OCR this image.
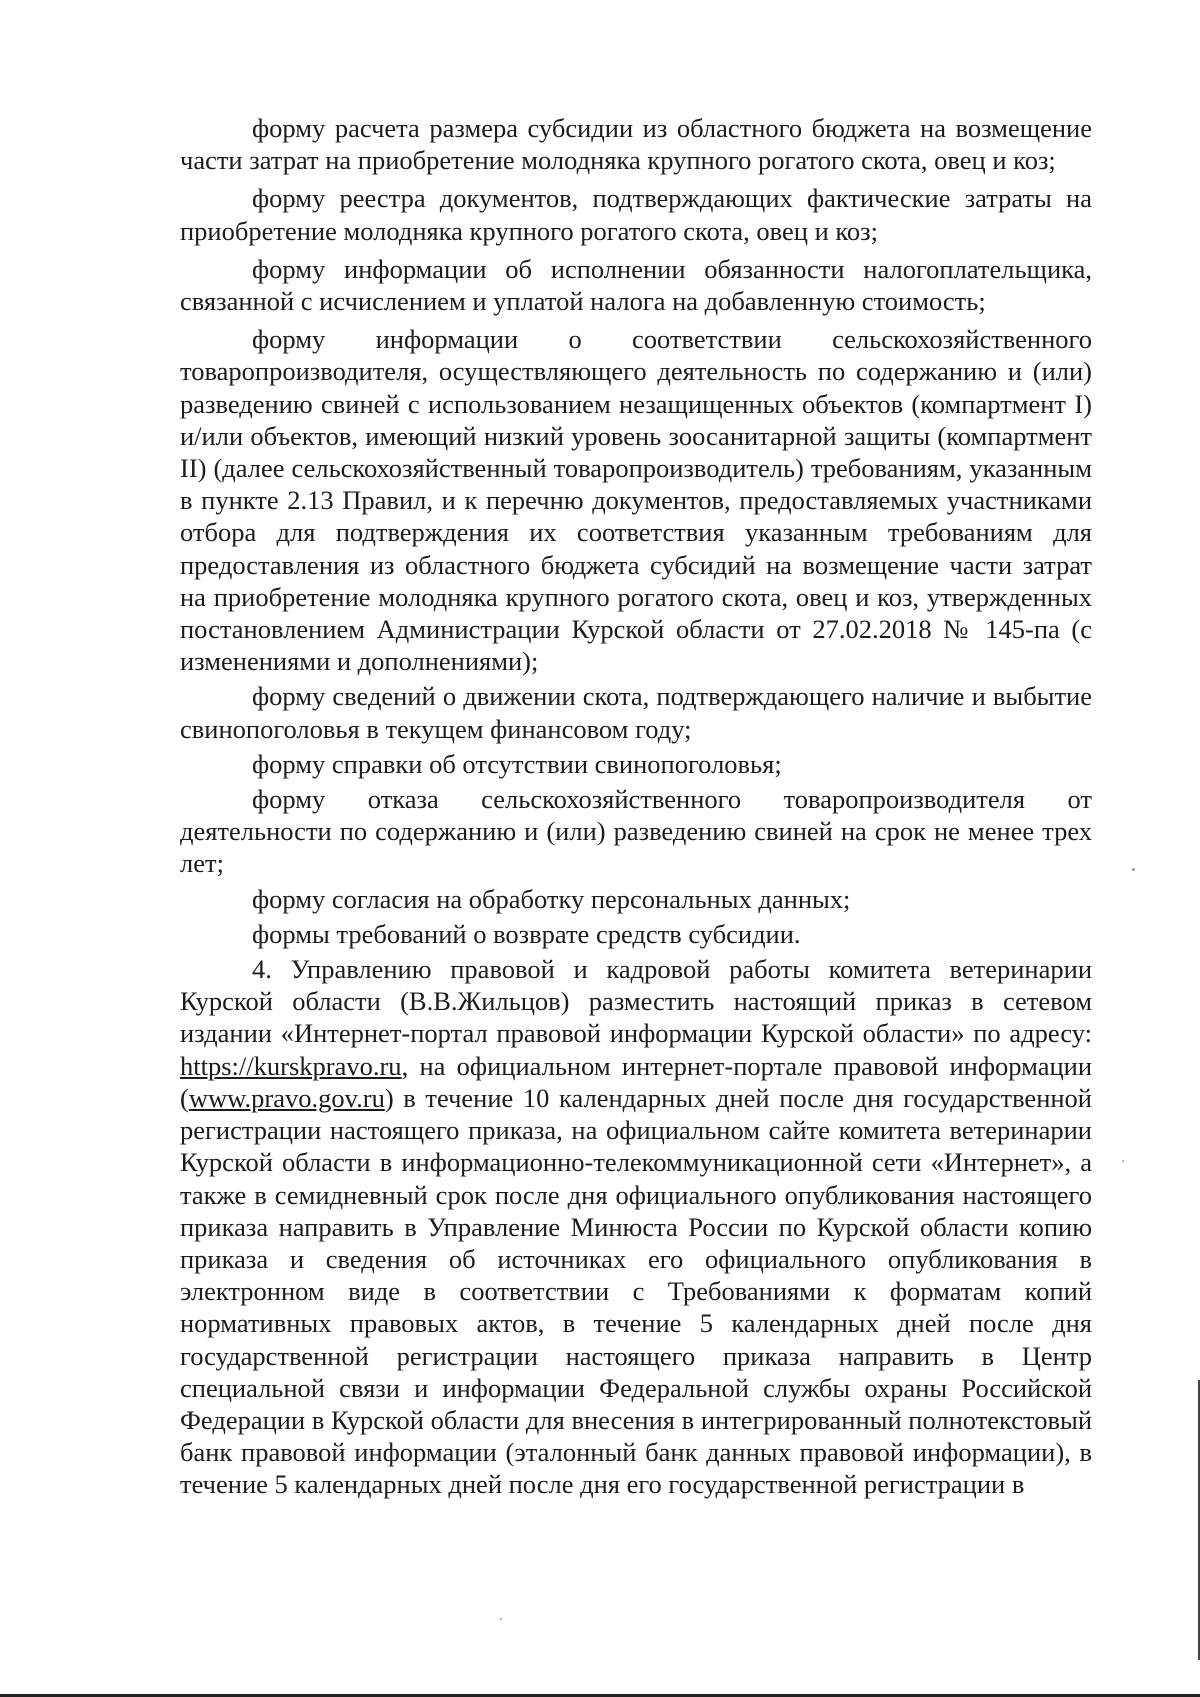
форму расчета размера субсидии из областного бюджета на возмещение части затрат на приобретение молодняка крупного рогатого скота, овец и коз;

форму реестра документов, подтверждающих фактические затраты на приобретение молодняка крупного рогатого скота, овец и коз;

форму информации об исполнении обязанности налогоплательщика, связанной с исчислением и уплатой налога на добавленную стоимость;

форму информации о соответствии сельскохозяйственного товаропроизводителя, осуществляющего деятельность по содержанию и (или) разведению свиней с использованием незащищенных объектов (компартмент I) и/или объектов, имеющий низкий уровень зоосанитарной защиты (компартмент II) (далее сельскохозяйственный товаропроизводитель) требованиям, указанным в пункте 2.13 Правил, и к перечню документов, предоставляемых участниками отбора для подтверждения их соответствия указанным требованиям для предоставления из областного бюджета субсидий на возмещение части затрат на приобретение молодняка крупного рогатого скота, овец и коз, утвержденных постановлением Администрации Курской области от 27.02.2018 № 145-па (с изменениями и дополнениями);

форму сведений о движении скота, подтверждающего наличие и выбытие свинопоголовья в текущем финансовом году;

форму справки об отсутствии свинопоголовья;

форму отказа сельскохозяйственного товаропроизводителя от деятельности по содержанию и (или) разведению свиней на срок не менее трех лет;

форму согласия на обработку персональных данных;

формы требований о возврате средств субсидии.

4. Управлению правовой и кадровой работы комитета ветеринарии Курской области (В.В.Жильцов) разместить настоящий приказ в сетевом издании «Интернет-портал правовой информации Курской области» по адресу: https://kurskpravo.ru, на официальном интернет-портале правовой информации (www.pravo.gov.ru) в течение 10 календарных дней после дня государственной регистрации настоящего приказа, на официальном сайте комитета ветеринарии Курской области в информационно-телекоммуникационной сети «Интернет», а также в семидневный срок после дня официального опубликования настоящего приказа направить в Управление Минюста России по Курской области копию приказа и сведения об источниках его официального опубликования в электронном виде в соответствии с Требованиями к форматам копий нормативных правовых актов, в течение 5 календарных дней после дня государственной регистрации настоящего приказа направить в Центр специальной связи и информации Федеральной службы охраны Российской Федерации в Курской области для внесения в интегрированный полнотекстовый банк правовой информации (эталонный банк данных правовой информации), в течение 5 календарных дней после дня его государственной регистрации в
